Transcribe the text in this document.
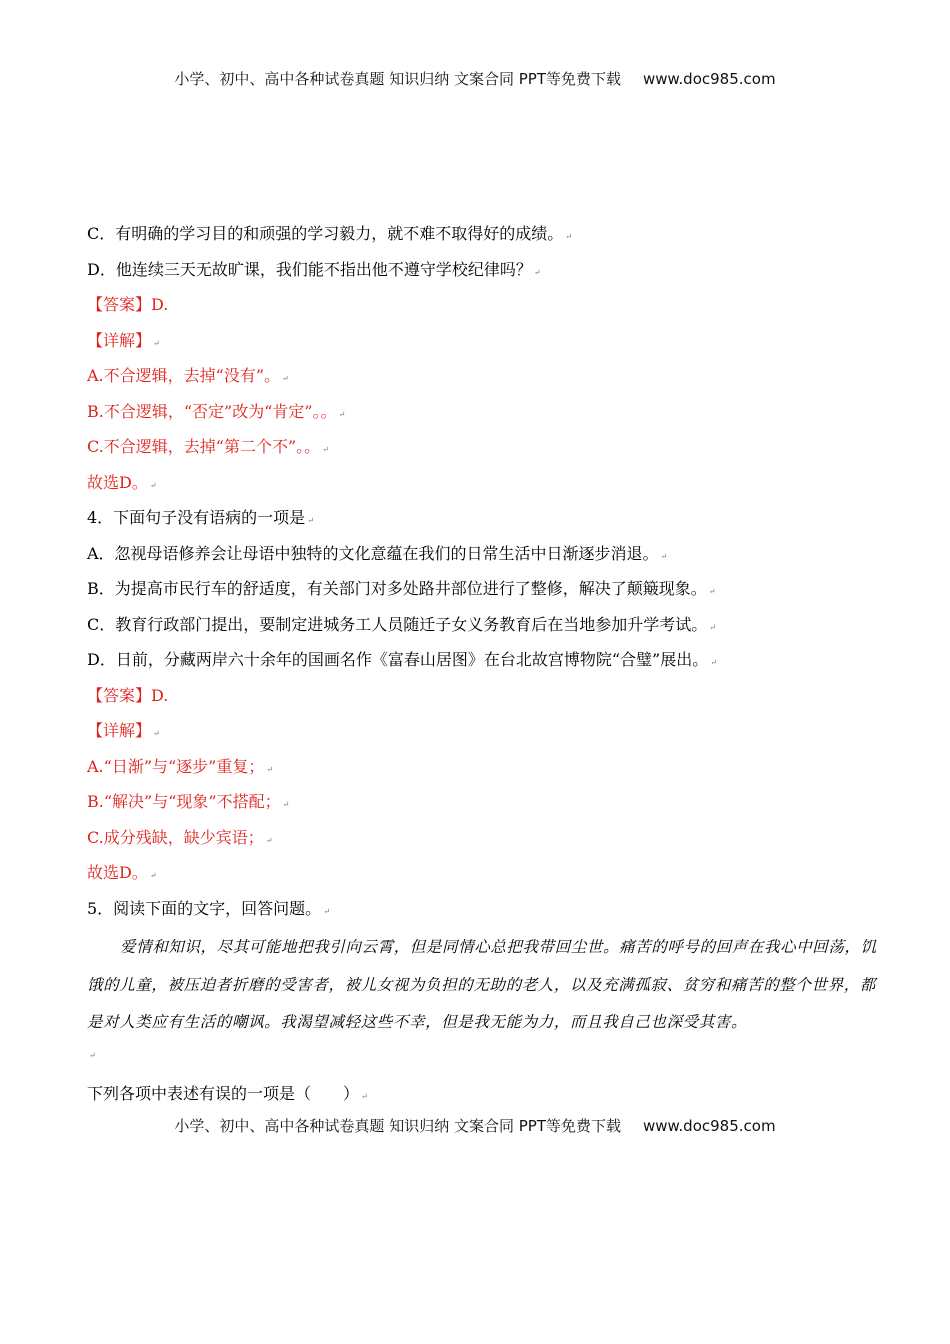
小学、初中、高中各种试卷真题 知识归纳 文案合同 PPT等免费下载 www.doc985.com
C．有明确的学习目的和顽强的学习毅力，就不难不取得好的成绩。 ↵
D．他连续三天无故旷课，我们能不指出他不遵守学校纪律吗？ ↵
【答案】D.
【详解】 ↵
A.不合逻辑，去掉“没有”。 ↵
B.不合逻辑，“否定”改为“肯定”。。 ↵
C.不合逻辑，去掉“第二个不”。。 ↵
故选D。 ↵
4．下面句子没有语病的一项是 ↵
A．忽视母语修养会让母语中独特的文化意蕴在我们的日常生活中日渐逐步消退。 ↵
B．为提高市民行车的舒适度，有关部门对多处路井部位进行了整修，解决了颠簸现象。 ↵
C．教育行政部门提出，要制定进城务工人员随迁子女义务教育后在当地参加升学考试。 ↵
D．日前，分藏两岸六十余年的国画名作《富春山居图》在台北故宫博物院“合璧”展出。 ↵
【答案】D.
【详解】 ↵
A.“日渐”与“逐步”重复； ↵
B.“解决”与“现象”不搭配； ↵
C.成分残缺，缺少宾语； ↵
故选D。 ↵
5．阅读下面的文字，回答问题。 ↵
爱情和知识，尽其可能地把我引向云霄，但是同情心总把我带回尘世。痛苦的呼号的回声在我心中回荡，饥饿的儿童，被压迫者折磨的受害者，被儿女视为负担的无助的老人，以及充满孤寂、贫穷和痛苦的整个世界，都是对人类应有生活的嘲讽。我渴望减轻这些不幸，但是我无能为力，而且我自己也深受其害。
↵
下列各项中表述有误的一项是（　　） ↵
小学、初中、高中各种试卷真题 知识归纳 文案合同 PPT等免费下载 www.doc985.com
